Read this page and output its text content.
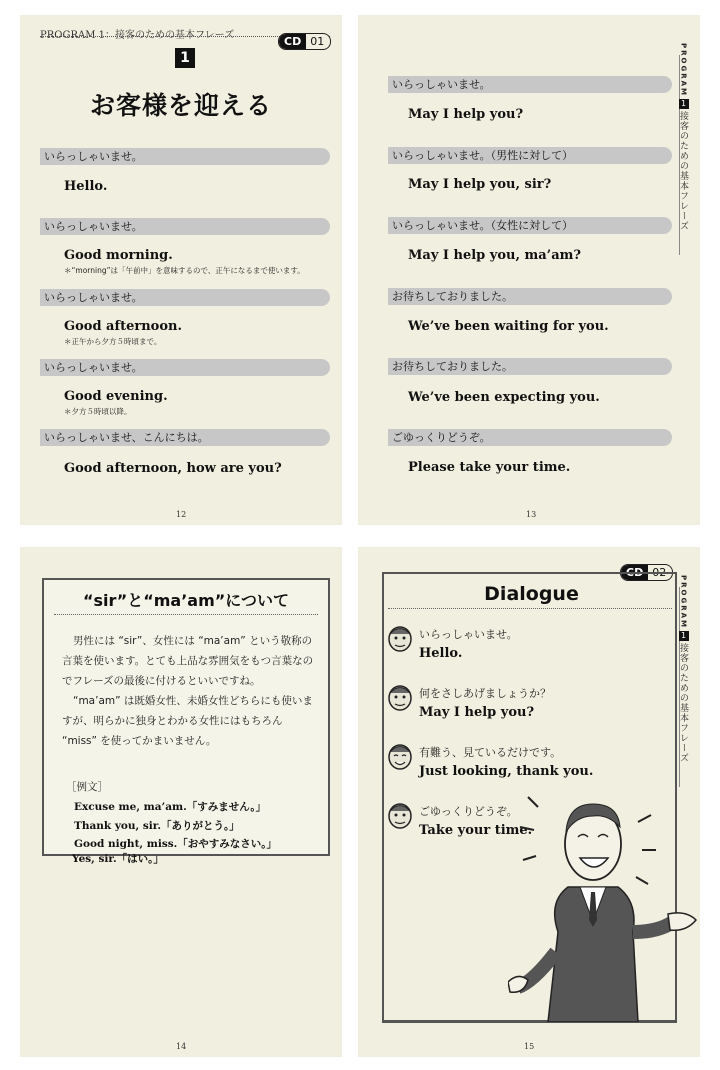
PROGRAM 1：接客のための基本フレーズ	CD 01
1
お客様を迎える
いらっしゃいませ。
Hello.
いらっしゃいませ。
Good morning.
＊“morning”は「午前中」を意味するので、正午になるまで使います。
いらっしゃいませ。
Good afternoon.
＊正午から夕方５時頃まで。
いらっしゃいませ。
Good evening.
＊夕方５時頃以降。
いらっしゃいませ、こんにちは。
Good afternoon, how are you?
12
PROGRAM
1
接客のための基本フレーズ
いらっしゃいませ。
May I help you?
いらっしゃいませ。（男性に対して）
May I help you, sir?
いらっしゃいませ。（女性に対して）
May I help you, ma’am?
お待ちしておりました。
We’ve been waiting for you.
お待ちしておりました。
We’ve been expecting you.
ごゆっくりどうぞ。
Please take your time.
13
“sir”と“ma’am”について

男性には “sir”、女性には “ma’am” という敬称の言葉を使います。とても上品な雰囲気をもつ言葉なのでフレーズの最後に付けるといいですね。

“ma’am” は既婚女性、未婚女性どちらにも使いますが、明らかに独身とわかる女性にはもちろん “miss” を使ってかまいません。

［例文］
Excuse me, ma’am.「すみません。」
Thank you, sir.「ありがとう。」
Good night, miss.「おやすみなさい。」
Yes, sir.「はい。」
14
CD 02
Dialogue	PROGRAM
1
接客のための基本フレーズ
いらっしゃいませ。
Hello.
何をさしあげましょうか？
May I help you?
有難う、見ているだけです。
Just looking, thank you.
ごゆっくりどうぞ。
Take your time.
15
